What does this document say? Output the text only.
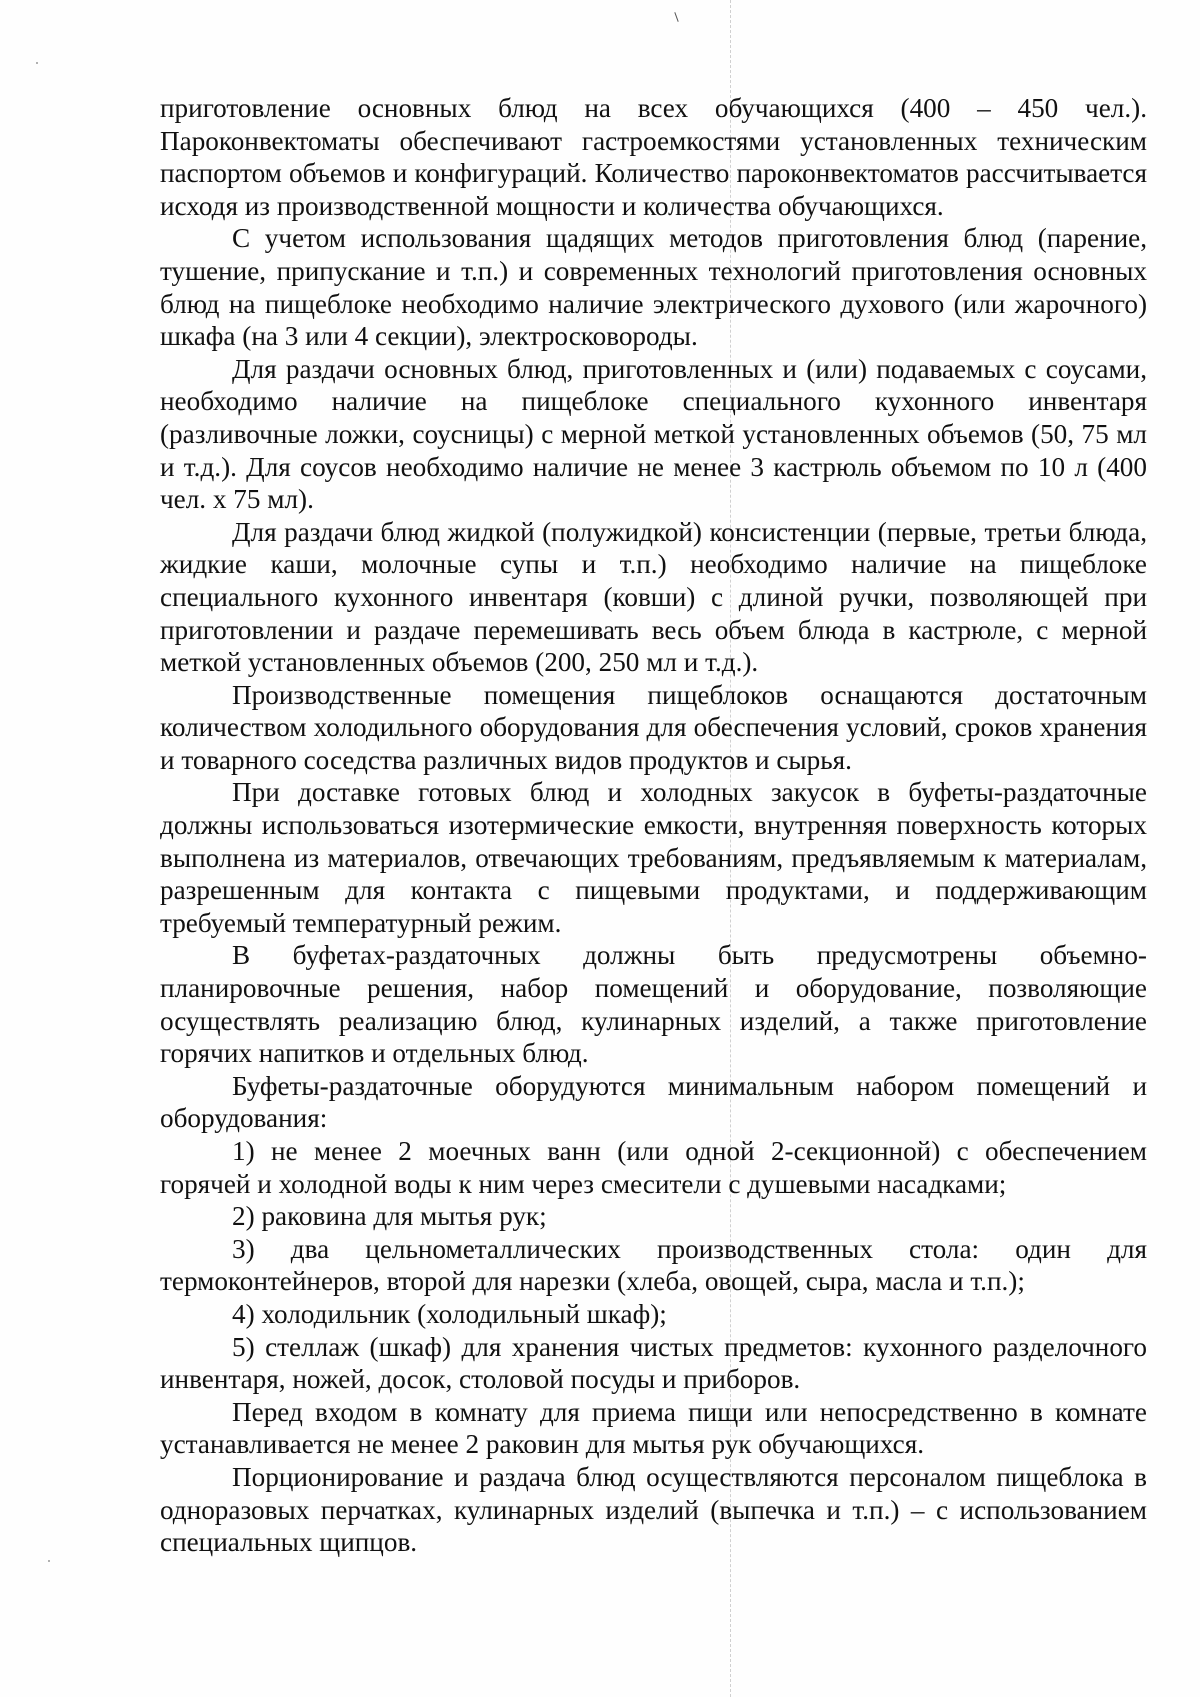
приготовление основных блюд на всех обучающихся (400 – 450 чел.). Пароконвектоматы обеспечивают гастроемкостями установленных техническим паспортом объемов и конфигураций. Количество пароконвектоматов рассчитывается исходя из производственной мощности и количества обучающихся.

С учетом использования щадящих методов приготовления блюд (парение, тушение, припускание и т.п.) и современных технологий приготовления основных блюд на пищеблоке необходимо наличие электрического духового (или жарочного) шкафа (на 3 или 4 секции), электросковороды.

Для раздачи основных блюд, приготовленных и (или) подаваемых с соусами, необходимо наличие на пищеблоке специального кухонного инвентаря (разливочные ложки, соусницы) с мерной меткой установленных объемов (50, 75 мл и т.д.). Для соусов необходимо наличие не менее 3 кастрюль объемом по 10 л (400 чел. х 75 мл).

Для раздачи блюд жидкой (полужидкой) консистенции (первые, третьи блюда, жидкие каши, молочные супы и т.п.) необходимо наличие на пищеблоке специального кухонного инвентаря (ковши) с длиной ручки, позволяющей при приготовлении и раздаче перемешивать весь объем блюда в кастрюле, с мерной меткой установленных объемов (200, 250 мл и т.д.).

Производственные помещения пищеблоков оснащаются достаточным количеством холодильного оборудования для обеспечения условий, сроков хранения и товарного соседства различных видов продуктов и сырья.

При доставке готовых блюд и холодных закусок в буфеты-раздаточные должны использоваться изотермические емкости, внутренняя поверхность которых выполнена из материалов, отвечающих требованиям, предъявляемым к материалам, разрешенным для контакта с пищевыми продуктами, и поддерживающим требуемый температурный режим.

В буфетах-раздаточных должны быть предусмотрены объемно-планировочные решения, набор помещений и оборудование, позволяющие осуществлять реализацию блюд, кулинарных изделий, а также приготовление горячих напитков и отдельных блюд.

Буфеты-раздаточные оборудуются минимальным набором помещений и оборудования:

1) не менее 2 моечных ванн (или одной 2-секционной) с обеспечением горячей и холодной воды к ним через смесители с душевыми насадками;

2) раковина для мытья рук;

3) два цельнометаллических производственных стола: один для термоконтейнеров, второй для нарезки (хлеба, овощей, сыра, масла и т.п.);

4) холодильник (холодильный шкаф);

5) стеллаж (шкаф) для хранения чистых предметов: кухонного разделочного инвентаря, ножей, досок, столовой посуды и приборов.

Перед входом в комнату для приема пищи или непосредственно в комнате устанавливается не менее 2 раковин для мытья рук обучающихся.

Порционирование и раздача блюд осуществляются персоналом пищеблока в одноразовых перчатках, кулинарных изделий (выпечка и т.п.) – с использованием специальных щипцов.
